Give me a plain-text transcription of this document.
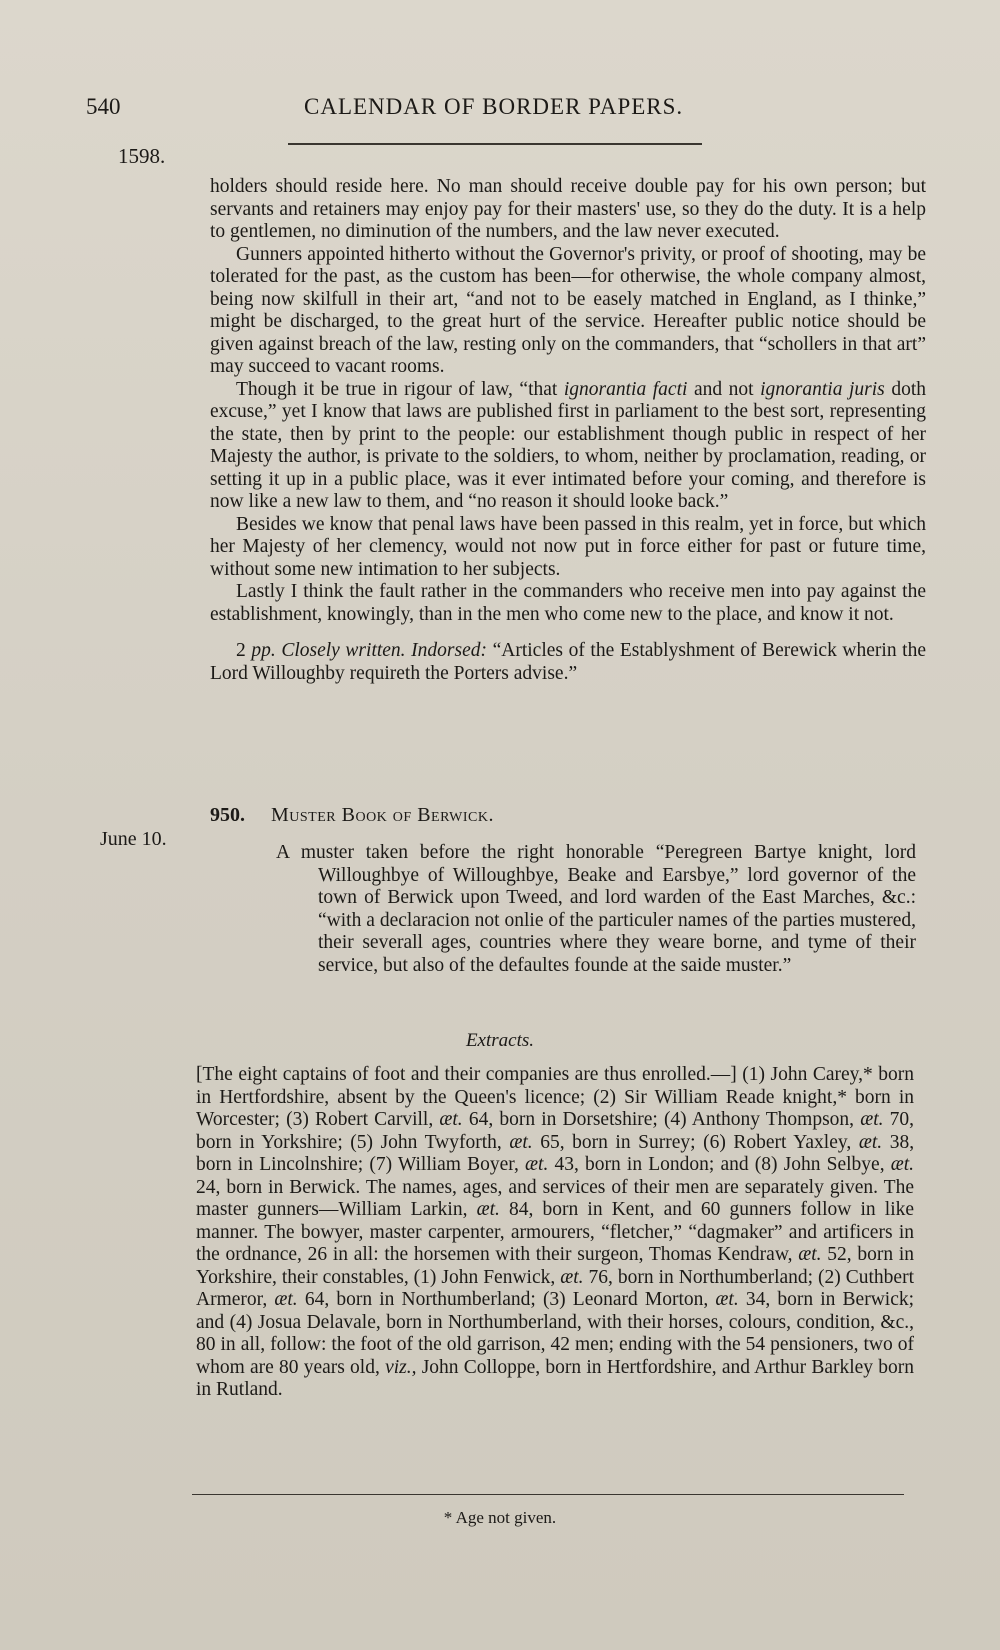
540	CALENDAR OF BORDER PAPERS.
1598.

holders should reside here. No man should receive double pay for his own person; but servants and retainers may enjoy pay for their masters' use, so they do the duty. It is a help to gentlemen, no diminution of the numbers, and the law never executed.

Gunners appointed hitherto without the Governor's privity, or proof of shooting, may be tolerated for the past, as the custom has been—for otherwise, the whole company almost, being now skilfull in their art, “and not to be easely matched in England, as I thinke,” might be discharged, to the great hurt of the service. Hereafter public notice should be given against breach of the law, resting only on the commanders, that “schollers in that art” may succeed to vacant rooms.

Though it be true in rigour of law, “that ignorantia facti and not ignorantia juris doth excuse,” yet I know that laws are published first in parliament to the best sort, representing the state, then by print to the people: our establishment though public in respect of her Majesty the author, is private to the soldiers, to whom, neither by proclamation, reading, or setting it up in a public place, was it ever intimated before your coming, and therefore is now like a new law to them, and “no reason it should looke back.”

Besides we know that penal laws have been passed in this realm, yet in force, but which her Majesty of her clemency, would not now put in force either for past or future time, without some new intimation to her subjects.

Lastly I think the fault rather in the commanders who receive men into pay against the establishment, knowingly, than in the men who come new to the place, and know it not.

2 pp. Closely written. Indorsed: “Articles of the Establyshment of Berewick wherin the Lord Willoughby requireth the Porters advise.”

950. Muster Book of Berwick.
June 10.
A muster taken before the right honorable “Peregreen Bartye knight, lord Willoughbye of Willoughbye, Beake and Earsbye,” lord governor of the town of Berwick upon Tweed, and lord warden of the East Marches, &c.: “with a declaracion not onlie of the particuler names of the parties mustered, their severall ages, countries where they weare borne, and tyme of their service, but also of the defaultes founde at the saide muster.”
Extracts.
[The eight captains of foot and their companies are thus enrolled.—] (1) John Carey,* born in Hertfordshire, absent by the Queen's licence; (2) Sir William Reade knight,* born in Worcester; (3) Robert Carvill, æt. 64, born in Dorsetshire; (4) Anthony Thompson, æt. 70, born in Yorkshire; (5) John Twyforth, æt. 65, born in Surrey; (6) Robert Yaxley, æt. 38, born in Lincolnshire; (7) William Boyer, æt. 43, born in London; and (8) John Selbye, æt. 24, born in Berwick. The names, ages, and services of their men are separately given. The master gunners—William Larkin, æt. 84, born in Kent, and 60 gunners follow in like manner. The bowyer, master carpenter, armourers, “fletcher,” “dagmaker” and artificers in the ordnance, 26 in all: the horsemen with their surgeon, Thomas Kendraw, æt. 52, born in Yorkshire, their constables, (1) John Fenwick, æt. 76, born in Northumberland; (2) Cuthbert Armeror, æt. 64, born in Northumberland; (3) Leonard Morton, æt. 34, born in Berwick; and (4) Josua Delavale, born in Northumberland, with their horses, colours, condition, &c., 80 in all, follow: the foot of the old garrison, 42 men; ending with the 54 pensioners, two of whom are 80 years old, viz., John Colloppe, born in Hertfordshire, and Arthur Barkley born in Rutland.
* Age not given.
